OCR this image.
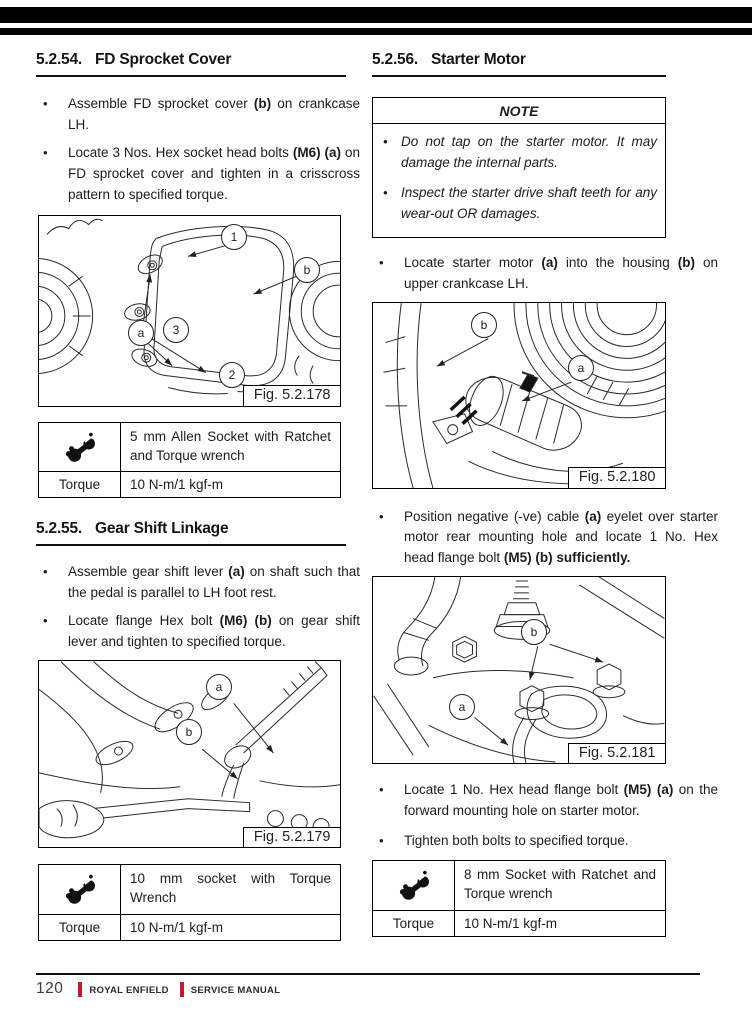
5.2.54. FD Sprocket Cover
• Assemble FD sprocket cover (b) on crankcase LH.
• Locate 3 Nos. Hex socket head bolts (M6) (a) on FD sprocket cover and tighten in a crisscross pattern to specified torque.
1
b
a 3
2
Fig. 5.2.178
5 mm Allen Socket with Ratchet and Torque wrench
Torque	10 N-m/1 kgf-m
5.2.55. Gear Shift Linkage
• Assemble gear shift lever (a) on shaft such that the pedal is parallel to LH foot rest.
• Locate flange Hex bolt (M6) (b) on gear shift lever and tighten to specified torque.
a
b
Fig. 5.2.179
10 mm socket with Torque Wrench
Torque	10 N-m/1 kgf-m
5.2.56. Starter Motor
NOTE
• Do not tap on the starter motor. It may damage the internal parts.
• Inspect the starter drive shaft teeth for any wear-out OR damages.
• Locate starter motor (a) into the housing (b) on upper crankcase LH.
b
a
Fig. 5.2.180
• Position negative (-ve) cable (a) eyelet over starter motor rear mounting hole and locate 1 No. Hex head flange bolt (M5) (b) sufficiently.
b
a
Fig. 5.2.181
• Locate 1 No. Hex head flange bolt (M5) (a) on the forward mounting hole on starter motor.
• Tighten both bolts to specified torque.
8 mm Socket with Ratchet and Torque wrench
Torque	10 N-m/1 kgf-m
120	ROYAL ENFIELD SERVICE MANUAL
